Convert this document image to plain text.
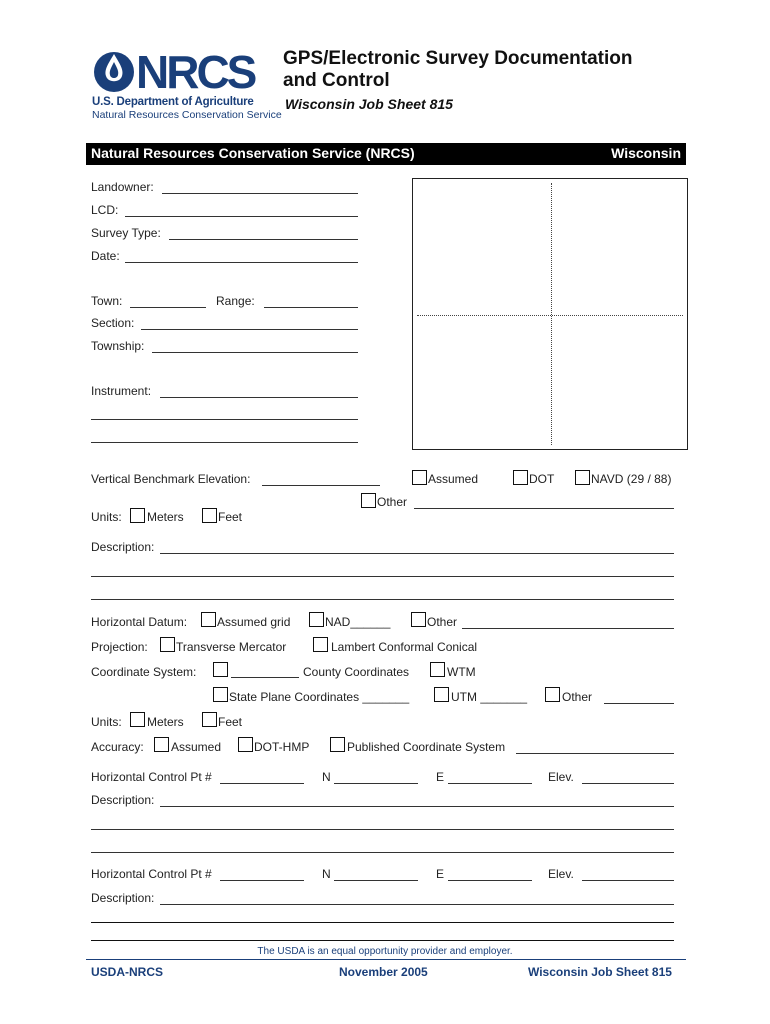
NRCS
U.S. Department of Agriculture
Natural Resources Conservation Service
GPS/Electronic Survey Documentation
and Control
Wisconsin Job Sheet 815
Natural Resources Conservation Service (NRCS)	Wisconsin
Landowner:
LCD:
Survey Type:
Date:
Town:	Range:
Section:
Township:
Instrument:
Vertical Benchmark Elevation:	Assumed	DOT	NAVD (29 / 88)
Other
Units: Meters	Feet
Description:
Horizontal Datum: Assumed grid	NAD______	Other
Projection: Transverse Mercator	Lambert Conformal Conical
Coordinate System:	County Coordinates	WTM
State Plane Coordinates _______	UTM _______	Other
Units: Meters	Feet
Accuracy: Assumed	DOT-HMP	Published Coordinate System
Horizontal Control Pt #	N	E	Elev.
Description:
Horizontal Control Pt #	N	E	Elev.
Description:
The USDA is an equal opportunity provider and employer.
USDA-NRCS	November 2005	Wisconsin Job Sheet 815
